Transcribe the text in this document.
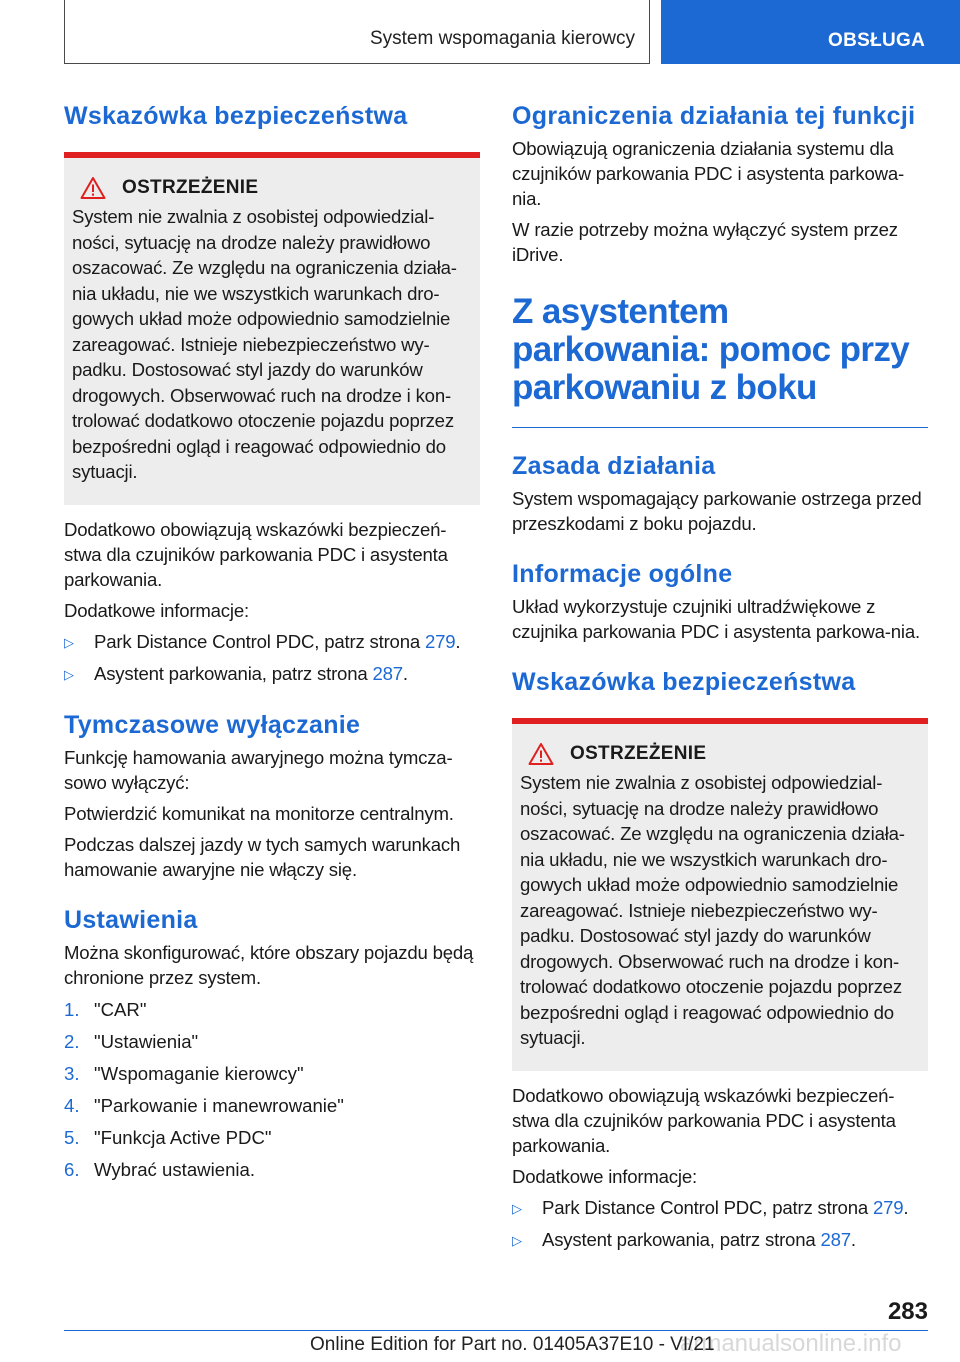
System wspomagania kierowcy	OBSŁUGA
Wskazówka bezpieczeństwa
OSTRZEŻENIE

System nie zwalnia z osobistej odpowiedzial‐ności, sytuację na drodze należy prawidłowo oszacować. Ze względu na ograniczenia działa‐nia układu, nie we wszystkich warunkach dro‐gowych układ może odpowiednio samodzielnie zareagować. Istnieje niebezpieczeństwo wy‐padku. Dostosować styl jazdy do warunków drogowych. Obserwować ruch na drodze i kon‐trolować dodatkowo otoczenie pojazdu poprzez bezpośredni ogląd i reagować odpowiednio do sytuacji.

Dodatkowo obowiązują wskazówki bezpieczeń‐stwa dla czujników parkowania PDC i asystenta parkowania.

Dodatkowe informacje:

▷	Park Distance Control PDC, patrz strona 279.
▷	Asystent parkowania, patrz strona 287.
Tymczasowe wyłączanie

Funkcję hamowania awaryjnego można tymcza‐sowo wyłączyć:

Potwierdzić komunikat na monitorze centralnym.

Podczas dalszej jazdy w tych samych warunkach hamowanie awaryjne nie włączy się.

Ustawienia

Można skonfigurować, które obszary pojazdu będą chronione przez system.

1. "CAR"
2. "Ustawienia"
3. "Wspomaganie kierowcy"
4. "Parkowanie i manewrowanie"
5. "Funkcja Active PDC"
6. Wybrać ustawienia.
Ograniczenia działania tej funkcji

Obowiązują ograniczenia działania systemu dla czujników parkowania PDC i asystenta parkowa‐nia.

W razie potrzeby można wyłączyć system przez iDrive.

Z asystentem parkowania: pomoc przy parkowaniu z boku
Zasada działania

System wspomagający parkowanie ostrzega przed przeszkodami z boku pojazdu.

Informacje ogólne

Układ wykorzystuje czujniki ultradźwiękowe z czujnika parkowania PDC i asystenta parkowa‐nia.

Wskazówka bezpieczeństwa
OSTRZEŻENIE

System nie zwalnia z osobistej odpowiedzial‐ności, sytuację na drodze należy prawidłowo oszacować. Ze względu na ograniczenia działa‐nia układu, nie we wszystkich warunkach dro‐gowych układ może odpowiednio samodzielnie zareagować. Istnieje niebezpieczeństwo wy‐padku. Dostosować styl jazdy do warunków drogowych. Obserwować ruch na drodze i kon‐trolować dodatkowo otoczenie pojazdu poprzez bezpośredni ogląd i reagować odpowiednio do sytuacji.

Dodatkowo obowiązują wskazówki bezpieczeń‐stwa dla czujników parkowania PDC i asystenta parkowania.

Dodatkowe informacje:

▷	Park Distance Control PDC, patrz strona 279.
▷	Asystent parkowania, patrz strona 287.
283
armanualsonline.info
Online Edition for Part no. 01405A37E10 - VI/21
